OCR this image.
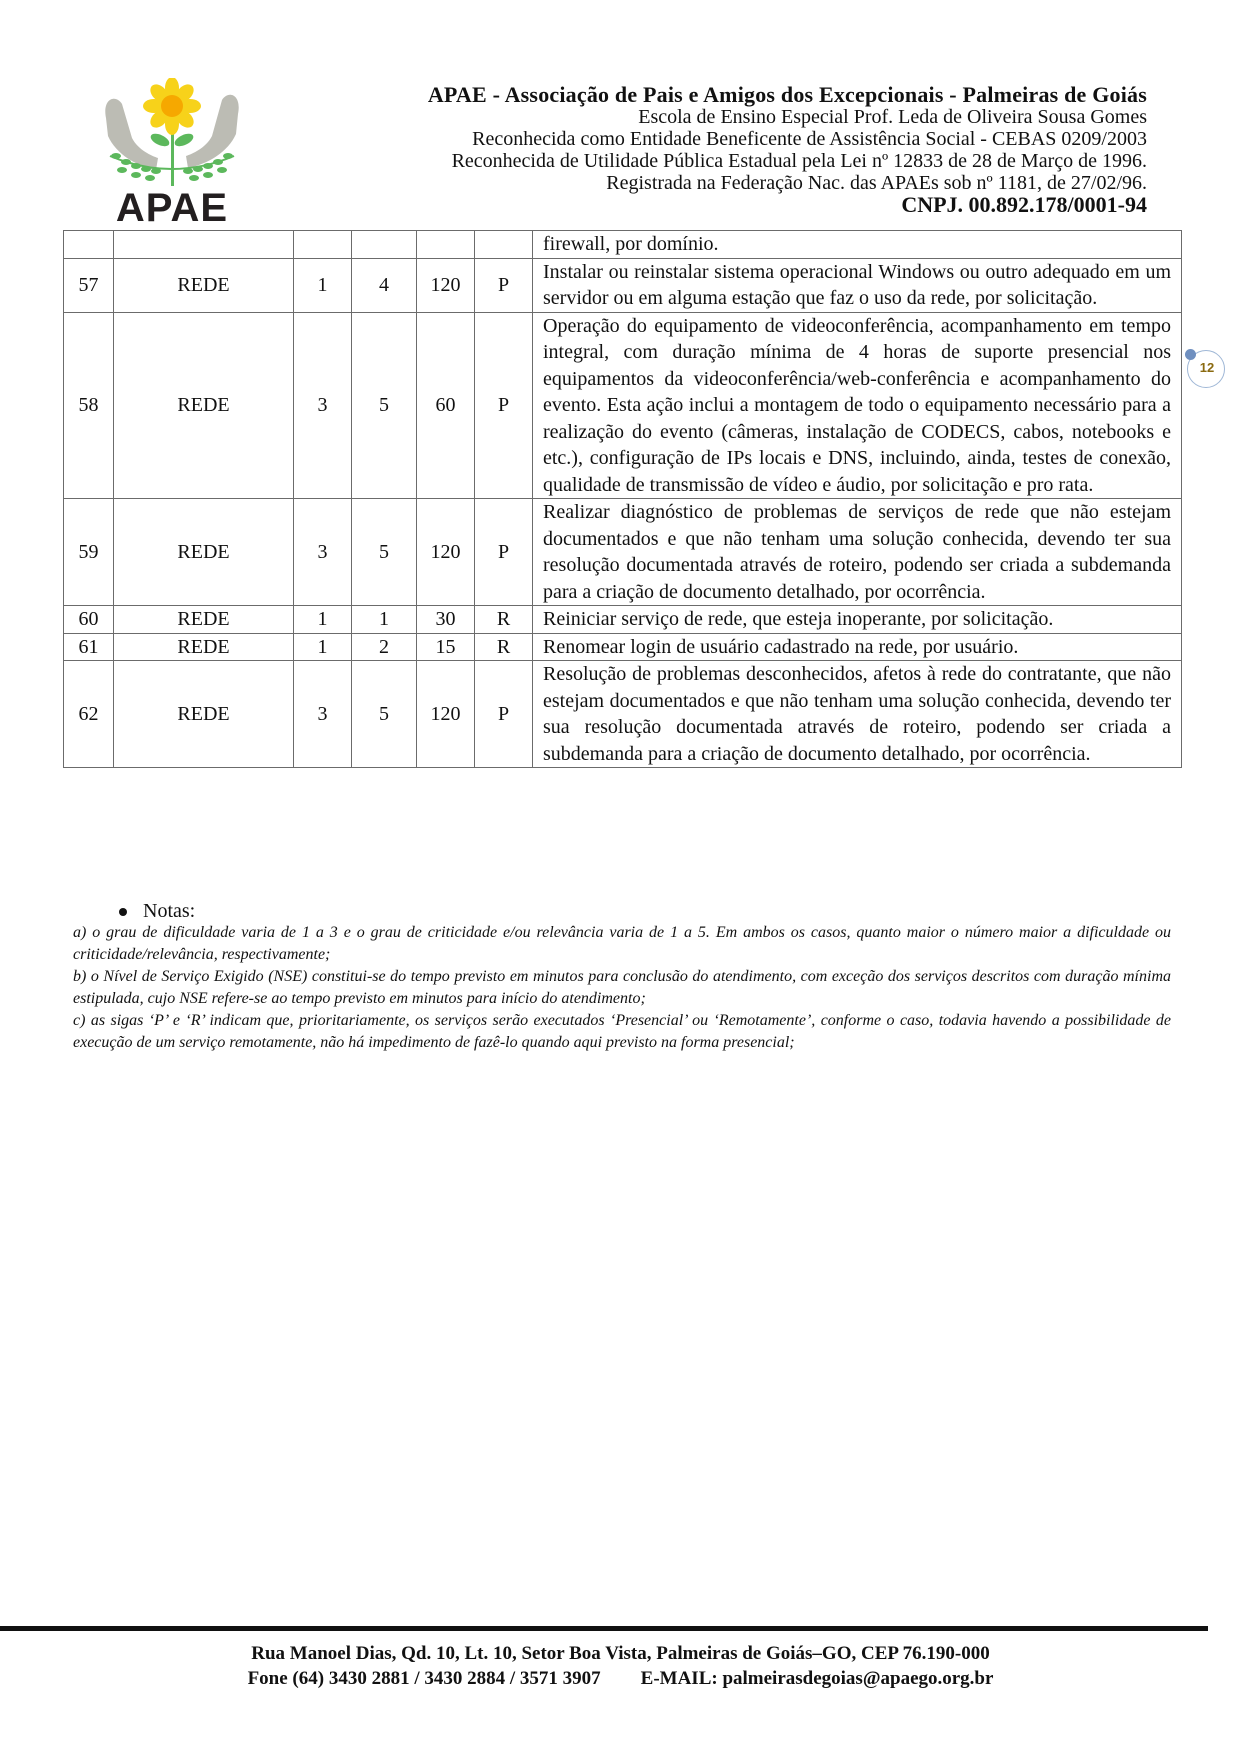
APAE
APAE - Associação de Pais e Amigos dos Excepcionais - Palmeiras de Goiás
Escola de Ensino Especial Prof. Leda de Oliveira Sousa Gomes
Reconhecida como Entidade Beneficente de Assistência Social - CEBAS 0209/2003
Reconhecida de Utilidade Pública Estadual pela Lei nº 12833 de 28 de Março de 1996.
Registrada na Federação Nac. das APAEs sob nº 1181, de 27/02/96.
CNPJ. 00.892.178/0001-94
12
						firewall, por domínio.
57	REDE	1	4	120	P	Instalar ou reinstalar sistema operacional Windows ou outro adequado em um servidor ou em alguma estação que faz o uso da rede, por solicitação.
58	REDE	3	5	60	P	Operação do equipamento de videoconferência, acompanhamento em tempo integral, com duração mínima de 4 horas de suporte presencial nos equipamentos da videoconferência/web-conferência e acompanhamento do evento. Esta ação inclui a montagem de todo o equipamento necessário para a realização do evento (câmeras, instalação de CODECS, cabos, notebooks e etc.), configuração de IPs locais e DNS, incluindo, ainda, testes de conexão, qualidade de transmissão de vídeo e áudio, por solicitação e pro rata.
59	REDE	3	5	120	P	Realizar diagnóstico de problemas de serviços de rede que não estejam documentados e que não tenham uma solução conhecida, devendo ter sua resolução documentada através de roteiro, podendo ser criada a subdemanda para a criação de documento detalhado, por ocorrência.
60	REDE	1	1	30	R	Reiniciar serviço de rede, que esteja inoperante, por solicitação.
61	REDE	1	2	15	R	Renomear login de usuário cadastrado na rede, por usuário.
62	REDE	3	5	120	P	Resolução de problemas desconhecidos, afetos à rede do contratante, que não estejam documentados e que não tenham uma solução conhecida, devendo ter sua resolução documentada através de roteiro, podendo ser criada a subdemanda para a criação de documento detalhado, por ocorrência.
Notas:

a) o grau de dificuldade varia de 1 a 3 e o grau de criticidade e/ou relevância varia de 1 a 5. Em ambos os casos, quanto maior o número maior a dificuldade ou criticidade/relevância, respectivamente;

b) o Nível de Serviço Exigido (NSE) constitui-se do tempo previsto em minutos para conclusão do atendimento, com exceção dos serviços descritos com duração mínima estipulada, cujo NSE refere-se ao tempo previsto em minutos para início do atendimento;

c) as sigas ‘P’ e ‘R’ indicam que, prioritariamente, os serviços serão executados ‘Presencial’ ou ‘Remotamente’, conforme o caso, todavia havendo a possibilidade de execução de um serviço remotamente, não há impedimento de fazê-lo quando aqui previsto na forma presencial;

Rua Manoel Dias, Qd. 10, Lt. 10, Setor Boa Vista, Palmeiras de Goiás–GO, CEP 76.190-000
Fone (64) 3430 2881 / 3430 2884 / 3571 3907 E-MAIL: palmeirasdegoias@apaego.org.br
